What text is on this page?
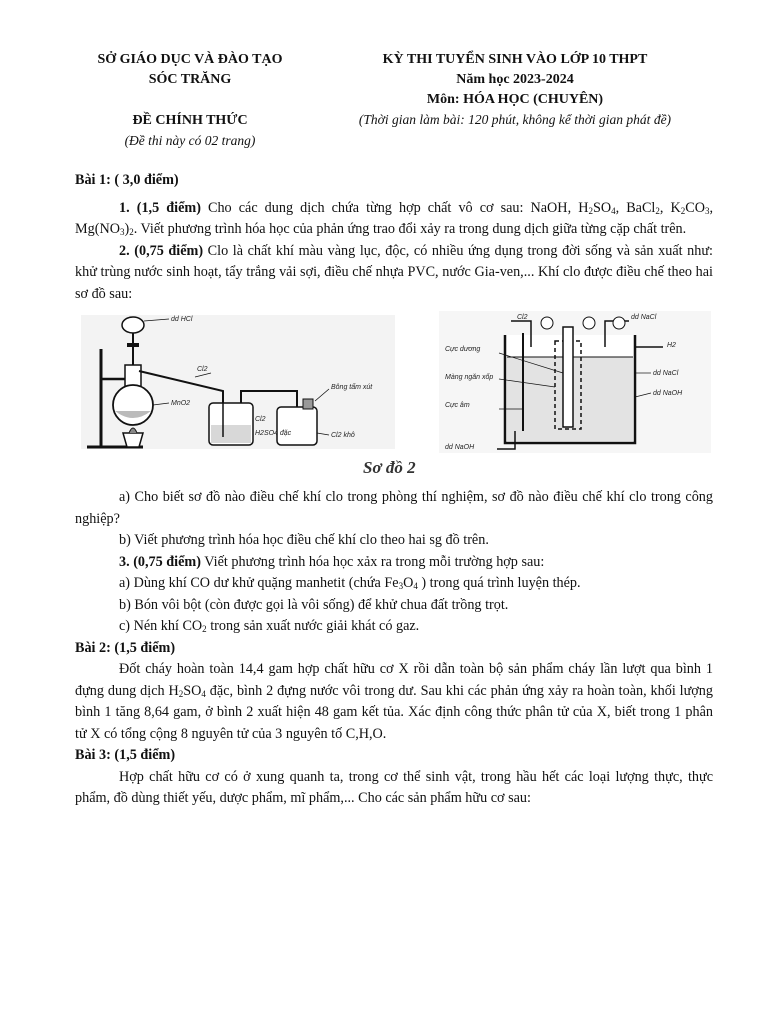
SỞ GIÁO DỤC VÀ ĐÀO TẠO
SÓC TRĂNG
ĐỀ CHÍNH THỨC
(Đề thi này có 02 trang)
KỲ THI TUYỂN SINH VÀO LỚP 10 THPT
Năm học 2023-2024
Môn: HÓA HỌC (CHUYÊN)
(Thời gian làm bài: 120 phút, không kể thời gian phát đề)

Bài 1: ( 3,0 điểm)

1. (1,5 điểm) Cho các dung dịch chứa từng hợp chất vô cơ sau: NaOH, $H_2SO_4$, BaCl$_2$, $K_2CO_3$, $Mg(NO_3)_2$. Viết phương trình hóa học của phản ứng trao đổi xảy ra trong dung dịch giữa từng cặp chất trên.

2. (0,75 điểm) Clo là chất khí màu vàng lục, độc, có nhiều ứng dụng trong đời sống và sản xuất như: khử trùng nước sinh hoạt, tẩy trắng vải sợi, điều chế nhựa PVC, nước Gia-ven,... Khí clo được điều chế theo hai sơ đồ sau:

dd HCl
Cl2
MnO2
Bông tẩm xút
Cl2
H2SO4 đặc	Cl2 khô
Cl2	dd NaCl
H2
Cực dương
Màng ngăn xốp
dd NaCl
dd NaOH
Cực âm
dd NaOH
Sơ đồ 2

a) Cho biết sơ đồ nào điều chế khí clo trong phòng thí nghiệm, sơ đồ nào điều chế khí clo trong công nghiệp?

b) Viết phương trình hóa học điều chế khí clo theo hai sg đồ trên.

3. (0,75 điểm) Viết phương trình hóa học xảx ra trong mỗi trường hợp sau:

a) Dùng khí CO dư khử quặng manhetit (chứa $Fe_3O_4$ ) trong quá trình luyện thép.

b) Bón vôi bột (còn được gọi là vôi sống) để khử chua đất trồng trọt.

c) Nén khí $CO_2$ trong sản xuất nước giải khát có gaz.

Bài 2: (1,5 điểm)

Đốt cháy hoàn toàn 14,4 gam hợp chất hữu cơ X rồi dẫn toàn bộ sản phẩm cháy lần lượt qua bình 1 đựng dung dịch $H_2SO_4$ đặc, bình 2 đựng nước vôi trong dư. Sau khi các phản ứng xảy ra hoàn toàn, khối lượng bình 1 tăng 8,64 gam, ở bình 2 xuất hiện 48 gam kết tủa. Xác định công thức phân tử của X, biết trong 1 phân tử X có tổng cộng 8 nguyên tử của 3 nguyên tố C,H,O.

Bài 3: (1,5 điểm)

Hợp chất hữu cơ có ở xung quanh ta, trong cơ thể sinh vật, trong hầu hết các loại lượng thực, thực phẩm, đồ dùng thiết yếu, dược phẩm, mĩ phẩm,... Cho các sản phẩm hữu cơ sau:
